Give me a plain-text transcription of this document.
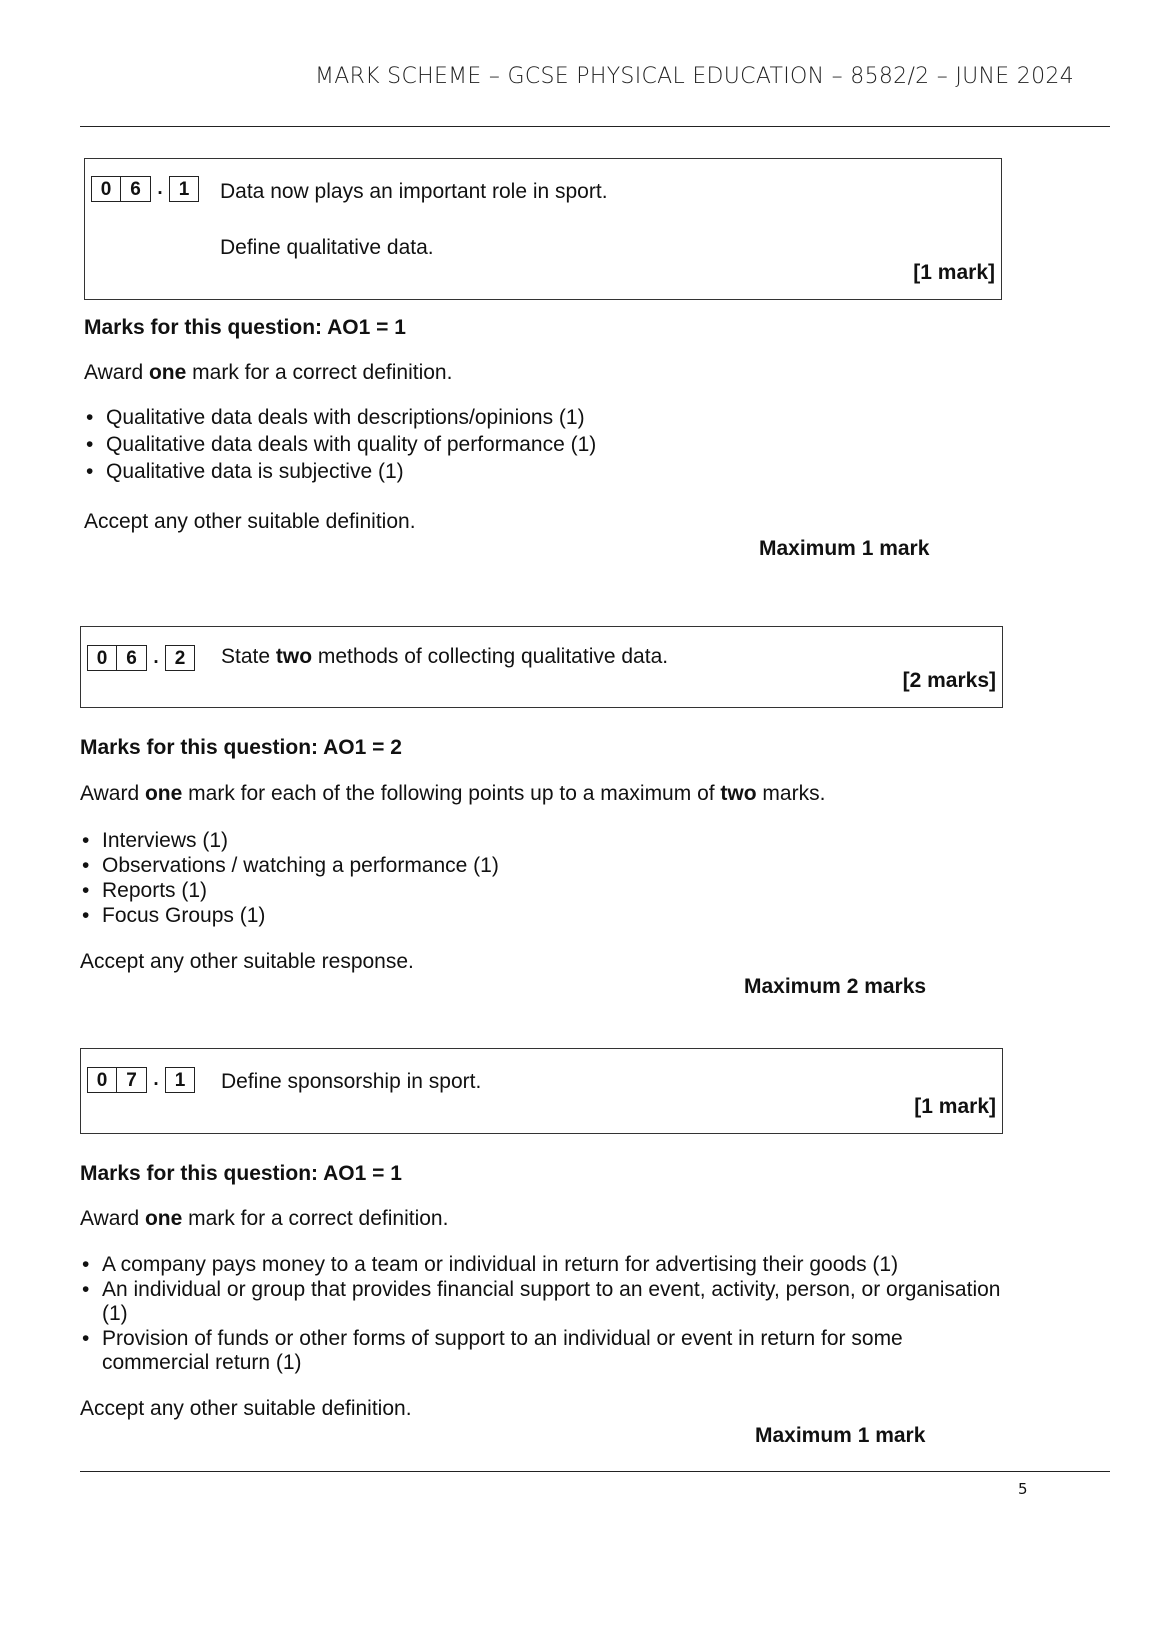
MARK SCHEME – GCSE PHYSICAL EDUCATION – 8582/2 – JUNE 2024
0 6 . 1	Data now plays an important role in sport.
Define qualitative data.
[1 mark]

Marks for this question: AO1 = 1

Award one mark for a correct definition.

• Qualitative data deals with descriptions/opinions (1)
• Qualitative data deals with quality of performance (1)
• Qualitative data is subjective (1)

Accept any other suitable definition.

Maximum 1 mark
0 6 . 2	State two methods of collecting qualitative data.
[2 marks]

Marks for this question: AO1 = 2

Award one mark for each of the following points up to a maximum of two marks.

• Interviews (1)
• Observations / watching a performance (1)
• Reports (1)
• Focus Groups (1)

Accept any other suitable response.

Maximum 2 marks
0 7 . 1	Define sponsorship in sport.
[1 mark]

Marks for this question: AO1 = 1

Award one mark for a correct definition.

• A company pays money to a team or individual in return for advertising their goods (1)
• An individual or group that provides financial support to an event, activity, person, or organisation (1)
• Provision of funds or other forms of support to an individual or event in return for some commercial return (1)

Accept any other suitable definition.

Maximum 1 mark
5
